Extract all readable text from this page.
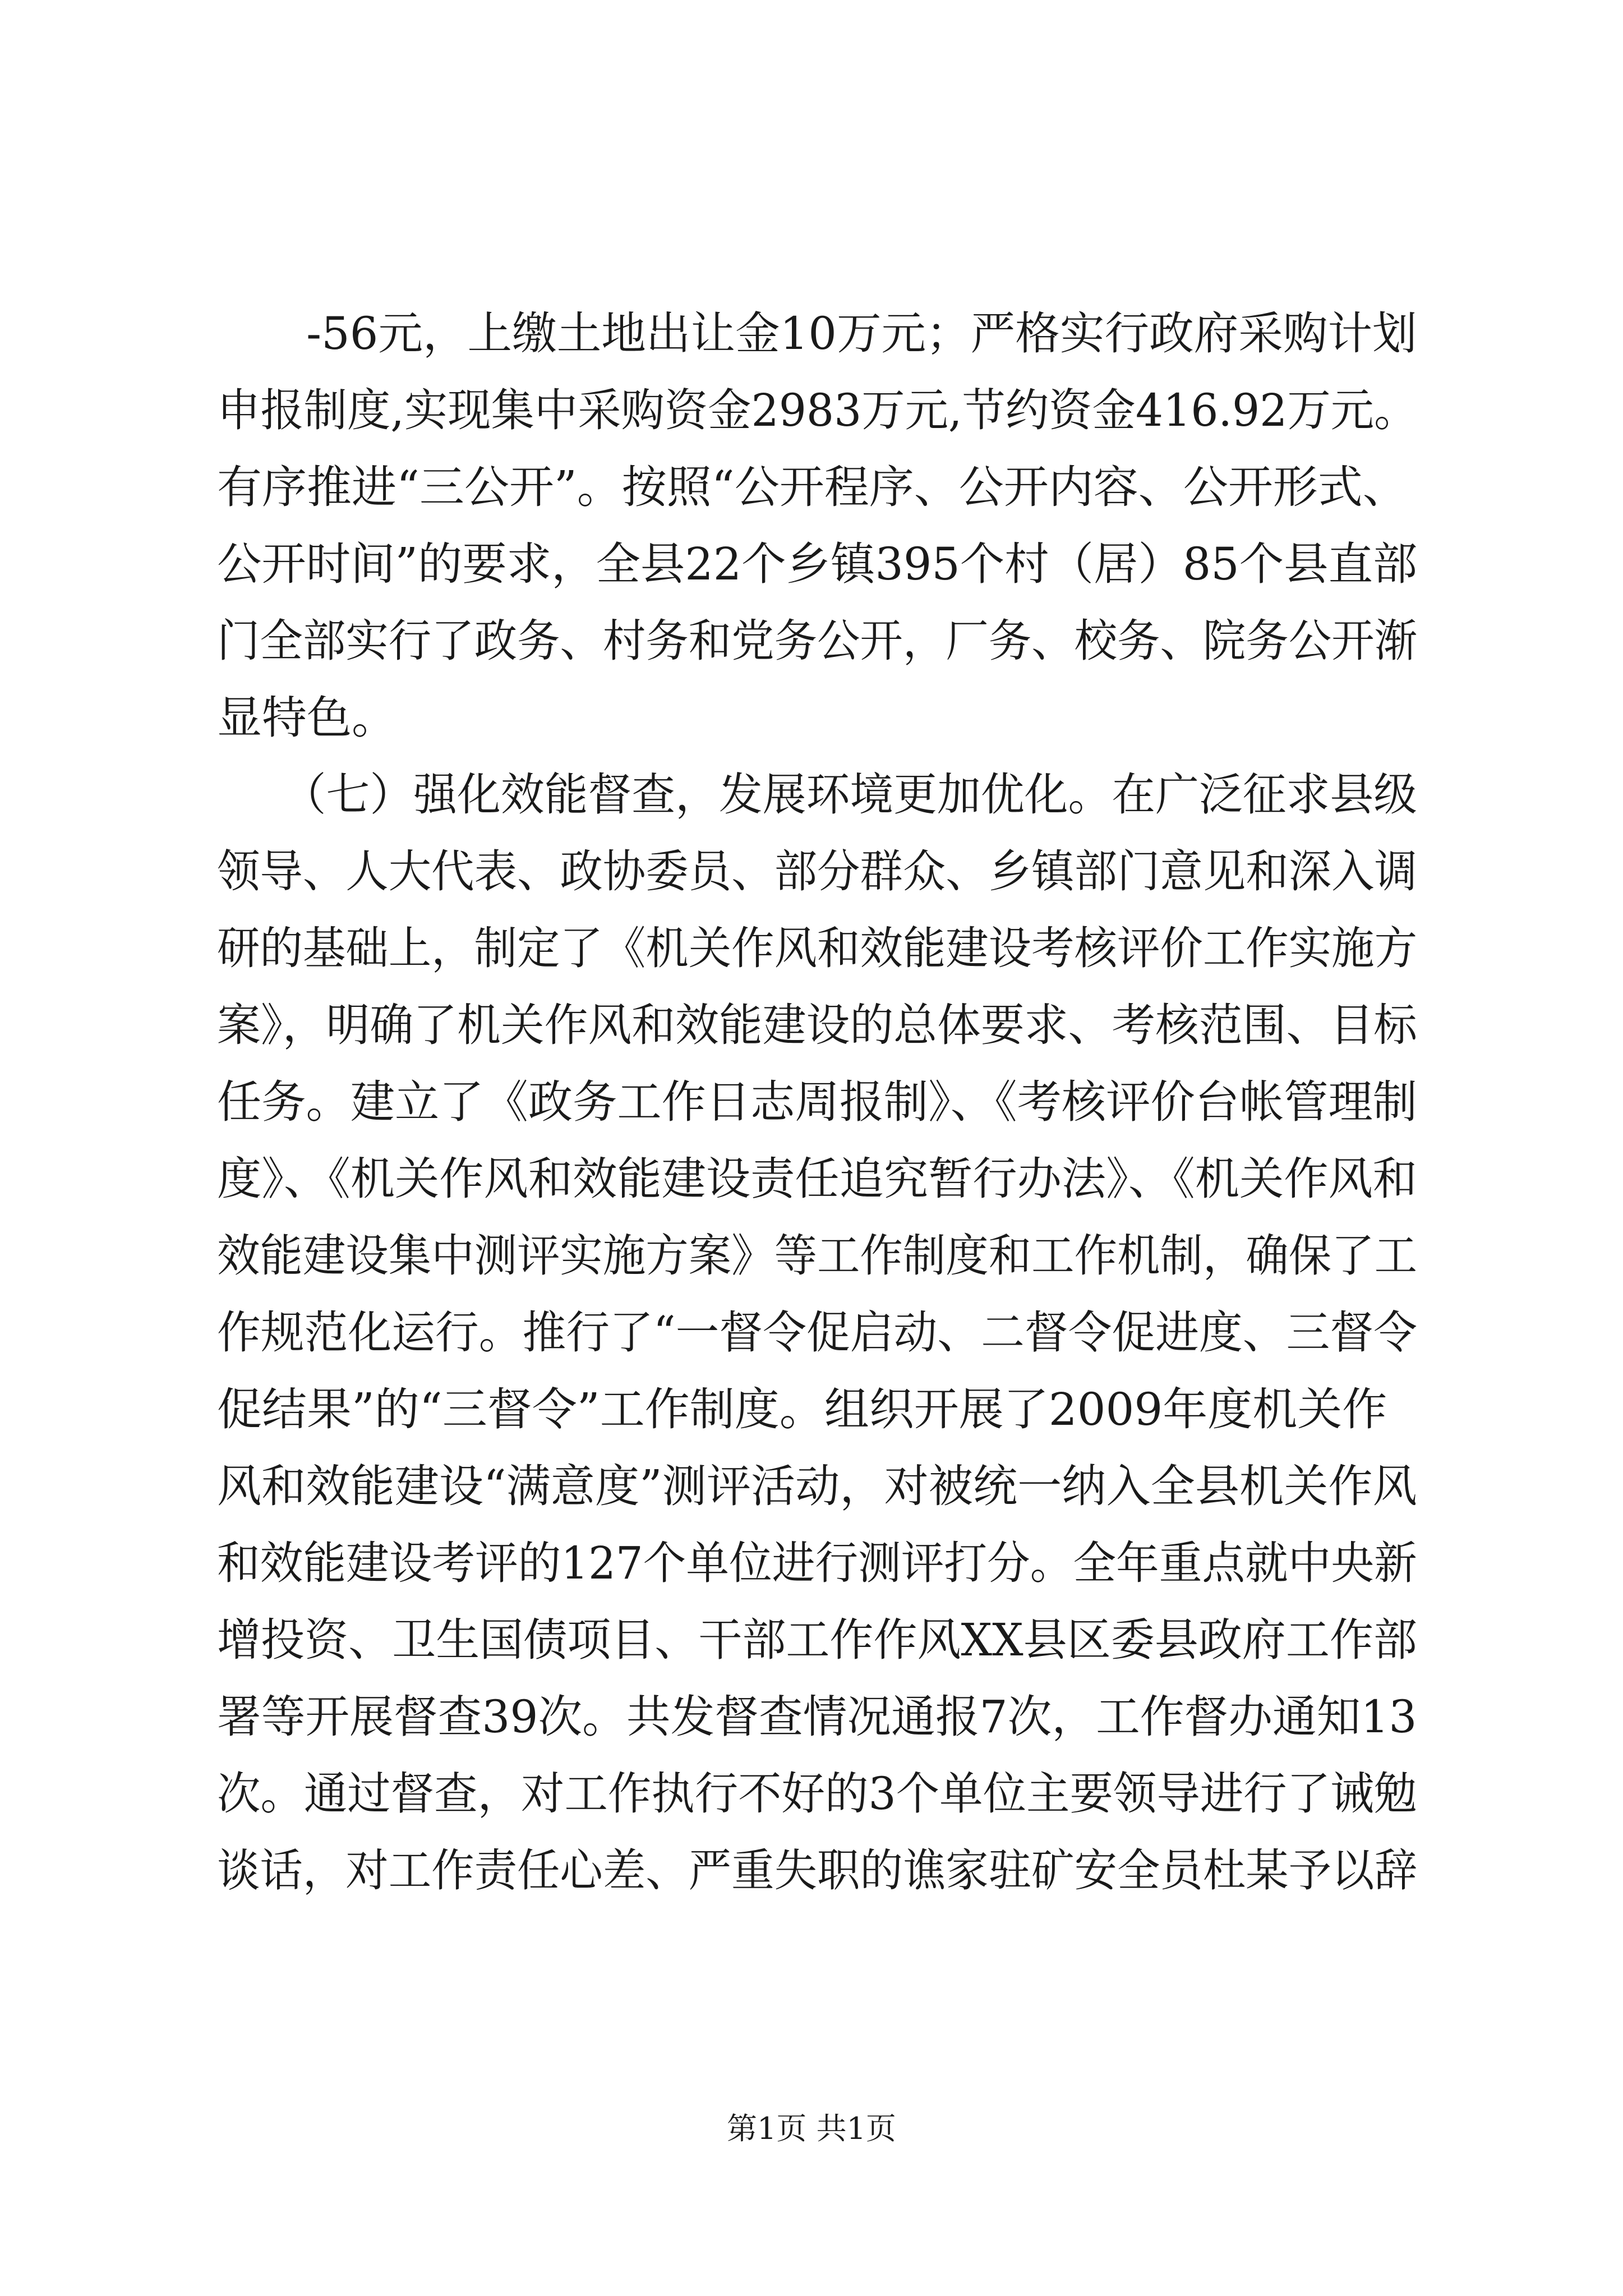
　　-56元，上缴土地出让金10万元；严格实行政府采购计划
申报制度,实现集中采购资金2983万元,节约资金416.92万元。
有序推进“三公开”。按照“公开程序、公开内容、公开形式、
公开时间”的要求，全县22个乡镇395个村（居）85个县直部
门全部实行了政务、村务和党务公开，厂务、校务、院务公开渐
显特色。
　　（七）强化效能督查，发展环境更加优化。在广泛征求县级
领导、人大代表、政协委员、部分群众、乡镇部门意见和深入调
研的基础上，制定了《机关作风和效能建设考核评价工作实施方
案》，明确了机关作风和效能建设的总体要求、考核范围、目标
任务。建立了《政务工作日志周报制》、《考核评价台帐管理制
度》、《机关作风和效能建设责任追究暂行办法》、《机关作风和
效能建设集中测评实施方案》等工作制度和工作机制，确保了工
作规范化运行。推行了“一督令促启动、二督令促进度、三督令
促结果”的“三督令”工作制度。组织开展了2009年度机关作
风和效能建设“满意度”测评活动，对被统一纳入全县机关作风
和效能建设考评的127个单位进行测评打分。全年重点就中央新
增投资、卫生国债项目、干部工作作风XX县区委县政府工作部
署等开展督查39次。共发督查情况通报7次，工作督办通知13
次。通过督查，对工作执行不好的3个单位主要领导进行了诫勉
谈话，对工作责任心差、严重失职的谯家驻矿安全员杜某予以辞
第1页 共1页
